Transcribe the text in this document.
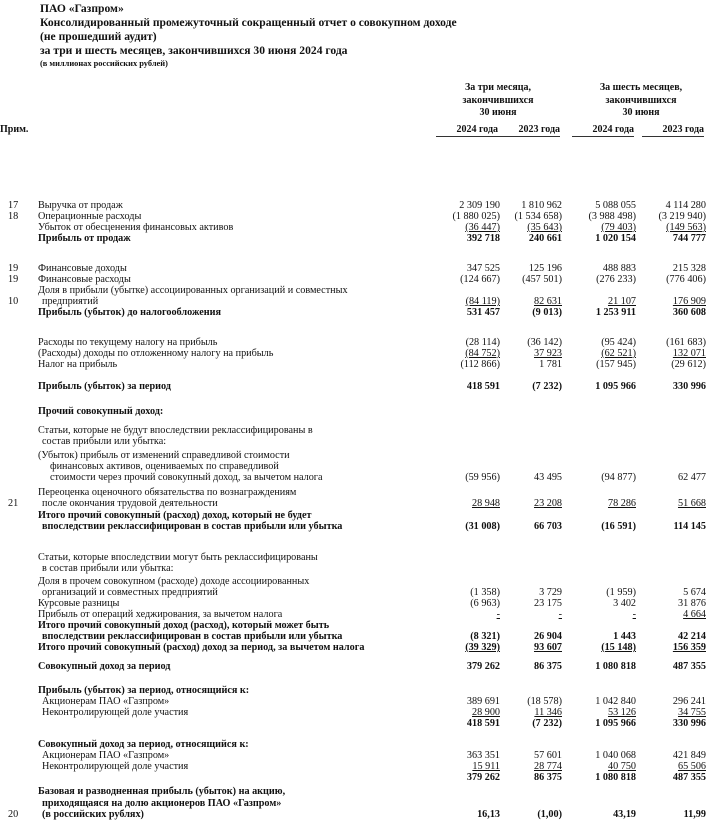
ПАО «Газпром»
Консолидированный промежуточный сокращенный отчет о совокупном доходе
(не прошедший аудит)
за три и шесть месяцев, закончившихся 30 июня 2024 года
(в миллионах российских рублей)
За три месяца,
закончившихся
30 июня
За шесть месяцев,
закончившихся
30 июня
Прим.	2024 года	2023 года	2024 года	2023 года
17	Выручка от продаж	2 309 190	1 810 962	5 088 055	4 114 280
18	Операционные расходы	(1 880 025)	(1 534 658)	(3 988 498)	(3 219 940)
Убыток от обесценения финансовых активов	(36 447)	(35 643)	(79 403)	(149 563)
Прибыль от продаж	392 718	240 661	1 020 154	744 777
19	Финансовые доходы	347 525	125 196	488 883	215 328
19	Финансовые расходы	(124 667)	(457 501)	(276 233)	(776 406)
Доля в прибыли (убытке) ассоциированных организаций и совместных
10	предприятий	(84 119)	82 631	21 107	176 909
Прибыль (убыток) до налогообложения	531 457	(9 013)	1 253 911	360 608
Расходы по текущему налогу на прибыль	(28 114)	(36 142)	(95 424)	(161 683)
(Расходы) доходы по отложенному налогу на прибыль	(84 752)	37 923	(62 521)	132 071
Налог на прибыль	(112 866)	1 781	(157 945)	(29 612)
Прибыль (убыток) за период	418 591	(7 232)	1 095 966	330 996
Прочий совокупный доход:
Статьи, которые не будут впоследствии реклассифицированы в
состав прибыли или убытка:
(Убыток) прибыль от изменений справедливой стоимости
финансовых активов, оцениваемых по справедливой
стоимости через прочий совокупный доход, за вычетом налога	(59 956)	43 495	(94 877)	62 477
Переоценка оценочного обязательства по вознаграждениям
21	после окончания трудовой деятельности	28 948	23 208	78 286	51 668
Итого прочий совокупный (расход) доход, который не будет
впоследствии реклассифицирован в состав прибыли или убытка	(31 008)	66 703	(16 591)	114 145
Статьи, которые впоследствии могут быть реклассифицированы
в состав прибыли или убытка:
Доля в прочем совокупном (расходе) доходе ассоциированных
организаций и совместных предприятий	(1 358)	3 729	(1 959)	5 674
Курсовые разницы	(6 963)	23 175	3 402	31 876
Прибыль от операций хеджирования, за вычетом налога	-	-	-	4 664
Итого прочий совокупный доход (расход), который может быть
впоследствии реклассифицирован в состав прибыли или убытка	(8 321)	26 904	1 443	42 214
Итого прочий совокупный (расход) доход за период, за вычетом налога	(39 329)	93 607	(15 148)	156 359
Совокупный доход за период	379 262	86 375	1 080 818	487 355
Прибыль (убыток) за период, относящийся к:
Акционерам ПАО «Газпром»	389 691	(18 578)	1 042 840	296 241
Неконтролирующей доле участия	28 900	11 346	53 126	34 755
418 591	(7 232)	1 095 966	330 996
Совокупный доход за период, относящийся к:
Акционерам ПАО «Газпром»	363 351	57 601	1 040 068	421 849
Неконтролирующей доле участия	15 911	28 774	40 750	65 506
379 262	86 375	1 080 818	487 355
Базовая и разводненная прибыль (убыток) на акцию,
приходящаяся на долю акционеров ПАО «Газпром»
20	(в российских рублях)	16,13	(1,00)	43,19	11,99
